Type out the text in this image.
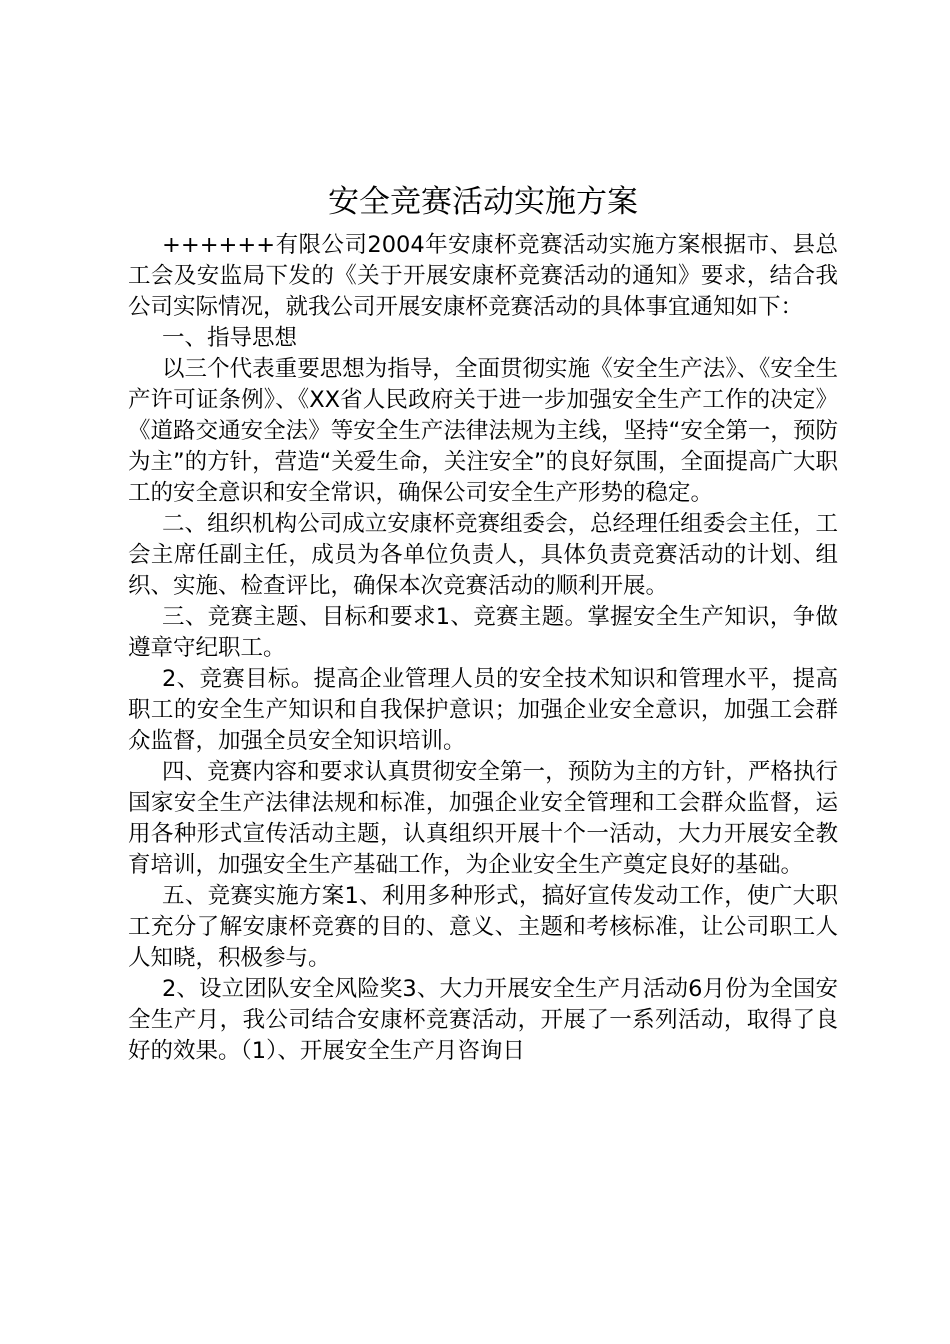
安全竞赛活动实施方案

++++++有限公司2004年安康杯竞赛活动实施方案根据市、县总工会及安监局下发的《关于开展安康杯竞赛活动的通知》要求，结合我公司实际情况，就我公司开展安康杯竞赛活动的具体事宜通知如下：

一、指导思想

以三个代表重要思想为指导，全面贯彻实施《安全生产法》、《安全生产许可证条例》、《XX省人民政府关于进一步加强安全生产工作的决定》《道路交通安全法》等安全生产法律法规为主线，坚持“安全第一，预防为主”的方针，营造“关爱生命，关注安全”的良好氛围，全面提高广大职工的安全意识和安全常识，确保公司安全生产形势的稳定。

二、组织机构公司成立安康杯竞赛组委会，总经理任组委会主任，工会主席任副主任，成员为各单位负责人，具体负责竞赛活动的计划、组织、实施、检查评比，确保本次竞赛活动的顺利开展。

三、竞赛主题、目标和要求1、竞赛主题。掌握安全生产知识，争做遵章守纪职工。

2、竞赛目标。提高企业管理人员的安全技术知识和管理水平，提高职工的安全生产知识和自我保护意识；加强企业安全意识，加强工会群众监督，加强全员安全知识培训。

四、竞赛内容和要求认真贯彻安全第一，预防为主的方针，严格执行国家安全生产法律法规和标准，加强企业安全管理和工会群众监督，运用各种形式宣传活动主题，认真组织开展十个一活动，大力开展安全教育培训，加强安全生产基础工作，为企业安全生产奠定良好的基础。

五、竞赛实施方案1、利用多种形式，搞好宣传发动工作，使广大职工充分了解安康杯竞赛的目的、意义、主题和考核标准，让公司职工人人知晓，积极参与。

2、设立团队安全风险奖3、大力开展安全生产月活动6月份为全国安全生产月，我公司结合安康杯竞赛活动，开展了一系列活动，取得了良好的效果。（1）、开展安全生产月咨询日
